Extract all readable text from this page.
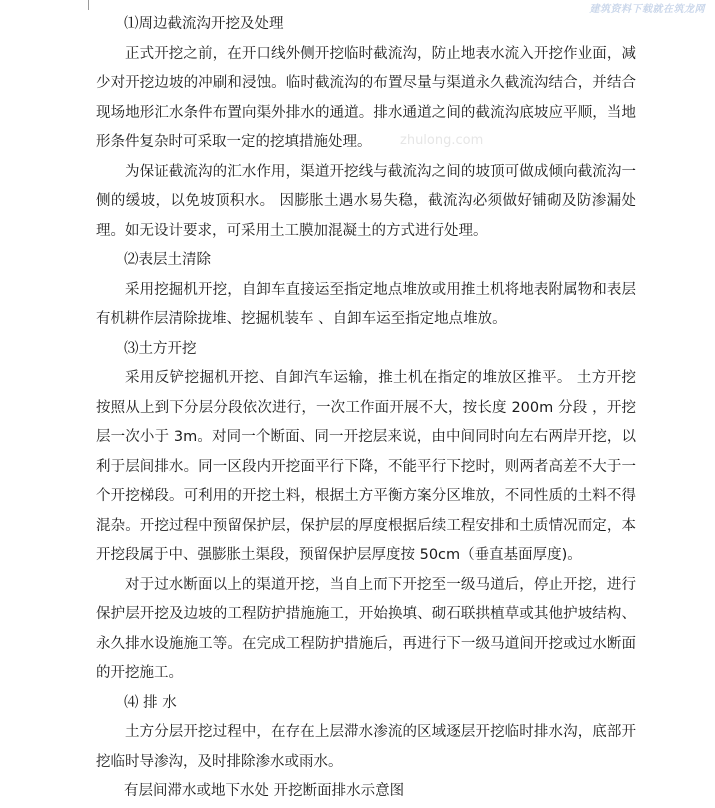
建筑资料下载就在筑龙网
zhulong.com

⑴周边截流沟开挖及处理

正式开挖之前，在开口线外侧开挖临时截流沟，防止地表水流入开挖作业面，减少对开挖边坡的冲刷和浸蚀。临时截流沟的布置尽量与渠道永久截流沟结合，并结合现场地形汇水条件布置向渠外排水的通道。排水通道之间的截流沟底坡应平顺，当地形条件复杂时可采取一定的挖填措施处理。

为保证截流沟的汇水作用，渠道开挖线与截流沟之间的坡顶可做成倾向截流沟一侧的缓坡，以免坡顶积水。 因膨胀土遇水易失稳，截流沟必须做好铺砌及防渗漏处理。如无设计要求，可采用土工膜加混凝土的方式进行处理。

⑵表层土清除

采用挖掘机开挖，自卸车直接运至指定地点堆放或用推土机将地表附属物和表层有机耕作层清除拢堆、挖掘机装车 、自卸车运至指定地点堆放。

⑶土方开挖

采用反铲挖掘机开挖、自卸汽车运输，推土机在指定的堆放区推平。 土方开挖按照从上到下分层分段依次进行，一次工作面开展不大，按长度 200m 分段 ，开挖层一次小于 3m。对同一个断面、同一开挖层来说，由中间同时向左右两岸开挖，以利于层间排水。同一区段内开挖面平行下降，不能平行下挖时，则两者高差不大于一个开挖梯段。可利用的开挖土料，根据土方平衡方案分区堆放，不同性质的土料不得混杂。开挖过程中预留保护层，保护层的厚度根据后续工程安排和土质情况而定，本开挖段属于中、强膨胀土渠段，预留保护层厚度按 50cm（垂直基面厚度)。

对于过水断面以上的渠道开挖，当自上而下开挖至一级马道后，停止开挖，进行保护层开挖及边坡的工程防护措施施工，开始换填、砌石联拱植草或其他护坡结构、永久排水设施施工等。在完成工程防护措施后，再进行下一级马道间开挖或过水断面的开挖施工。

⑷ 排 水

土方分层开挖过程中，在存在上层滞水渗流的区域逐层开挖临时排水沟，底部开挖临时导渗沟，及时排除渗水或雨水。

有层间滞水或地下水处 开挖断面排水示意图
